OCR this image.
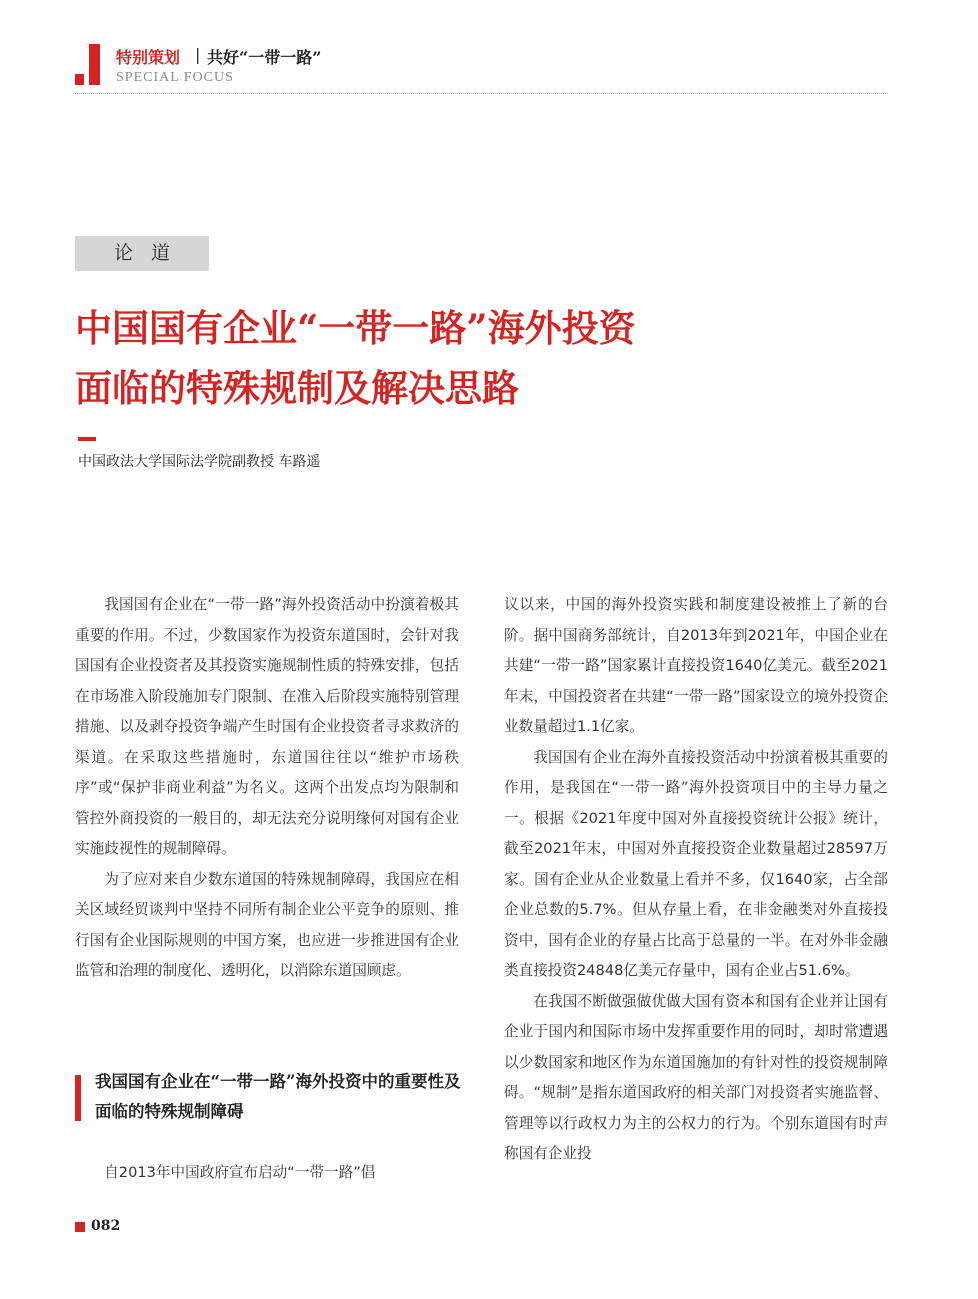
特别策划 | 共好“一带一路”
SPECIAL FOCUS
论道
中国国有企业“一带一路”海外投资
面临的特殊规制及解决思路
中国政法大学国际法学院副教授 车路遥

我国国有企业在“一带一路”海外投资活动中扮演着极其重要的作用。不过，少数国家作为投资东道国时，会针对我国国有企业投资者及其投资实施规制性质的特殊安排，包括在市场准入阶段施加专门限制、在准入后阶段实施特别管理措施、以及剥夺投资争端产生时国有企业投资者寻求救济的渠道。在采取这些措施时，东道国往往以“维护市场秩序”或“保护非商业利益”为名义。这两个出发点均为限制和管控外商投资的一般目的，却无法充分说明缘何对国有企业实施歧视性的规制障碍。

为了应对来自少数东道国的特殊规制障碍，我国应在相关区域经贸谈判中坚持不同所有制企业公平竞争的原则、推行国有企业国际规则的中国方案，也应进一步推进国有企业监管和治理的制度化、透明化，以消除东道国顾虑。

我国国有企业在“一带一路”海外投资中的重要性及面临的特殊规制障碍

自2013年中国政府宣布启动“一带一路”倡

议以来，中国的海外投资实践和制度建设被推上了新的台阶。据中国商务部统计，自2013年到2021年，中国企业在共建“一带一路”国家累计直接投资1640亿美元。截至2021年末，中国投资者在共建“一带一路”国家设立的境外投资企业数量超过1.1亿家。

我国国有企业在海外直接投资活动中扮演着极其重要的作用，是我国在“一带一路”海外投资项目中的主导力量之一。根据《2021年度中国对外直接投资统计公报》统计，截至2021年末，中国对外直接投资企业数量超过28597万家。国有企业从企业数量上看并不多，仅1640家，占全部企业总数的5.7%。但从存量上看，在非金融类对外直接投资中，国有企业的存量占比高于总量的一半。在对外非金融类直接投资24848亿美元存量中，国有企业占51.6%。

在我国不断做强做优做大国有资本和国有企业并让国有企业于国内和国际市场中发挥重要作用的同时，却时常遭遇以少数国家和地区作为东道国施加的有针对性的投资规制障碍。“规制”是指东道国政府的相关部门对投资者实施监督、管理等以行政权力为主的公权力的行为。个别东道国有时声称国有企业投

082
